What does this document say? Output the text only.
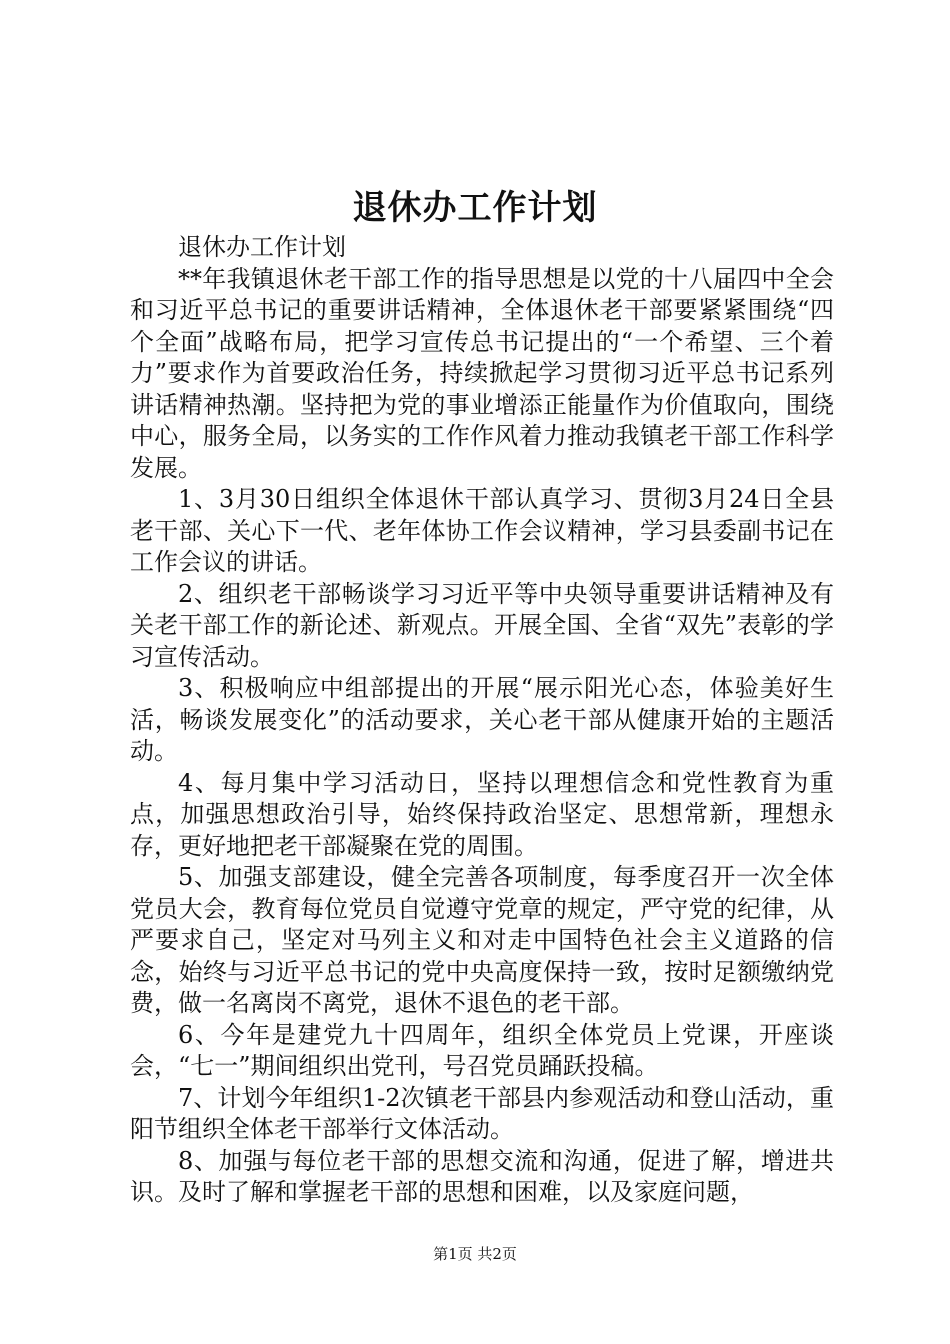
退休办工作计划

退休办工作计划

**年我镇退休老干部工作的指导思想是以党的十八届四中全会和习近平总书记的重要讲话精神，全体退休老干部要紧紧围绕“四个全面”战略布局，把学习宣传总书记提出的“一个希望、三个着力”要求作为首要政治任务，持续掀起学习贯彻习近平总书记系列讲话精神热潮。坚持把为党的事业增添正能量作为价值取向，围绕中心，服务全局，以务实的工作作风着力推动我镇老干部工作科学发展。

1、3月30日组织全体退休干部认真学习、贯彻3月24日全县老干部、关心下一代、老年体协工作会议精神，学习县委副书记在工作会议的讲话。

2、组织老干部畅谈学习习近平等中央领导重要讲话精神及有关老干部工作的新论述、新观点。开展全国、全省“双先”表彰的学习宣传活动。

3、积极响应中组部提出的开展“展示阳光心态，体验美好生活，畅谈发展变化”的活动要求，关心老干部从健康开始的主题活动。

4、每月集中学习活动日，坚持以理想信念和党性教育为重点，加强思想政治引导，始终保持政治坚定、思想常新，理想永存，更好地把老干部凝聚在党的周围。

5、加强支部建设，健全完善各项制度，每季度召开一次全体党员大会，教育每位党员自觉遵守党章的规定，严守党的纪律，从严要求自己，坚定对马列主义和对走中国特色社会主义道路的信念，始终与习近平总书记的党中央高度保持一致，按时足额缴纳党费，做一名离岗不离党，退休不退色的老干部。

6、今年是建党九十四周年，组织全体党员上党课，开座谈会，“七一”期间组织出党刊，号召党员踊跃投稿。

7、计划今年组织1-2次镇老干部县内参观活动和登山活动，重阳节组织全体老干部举行文体活动。

8、加强与每位老干部的思想交流和沟通，促进了解，增进共识。及时了解和掌握老干部的思想和困难，以及家庭问题，

第1页 共2页
